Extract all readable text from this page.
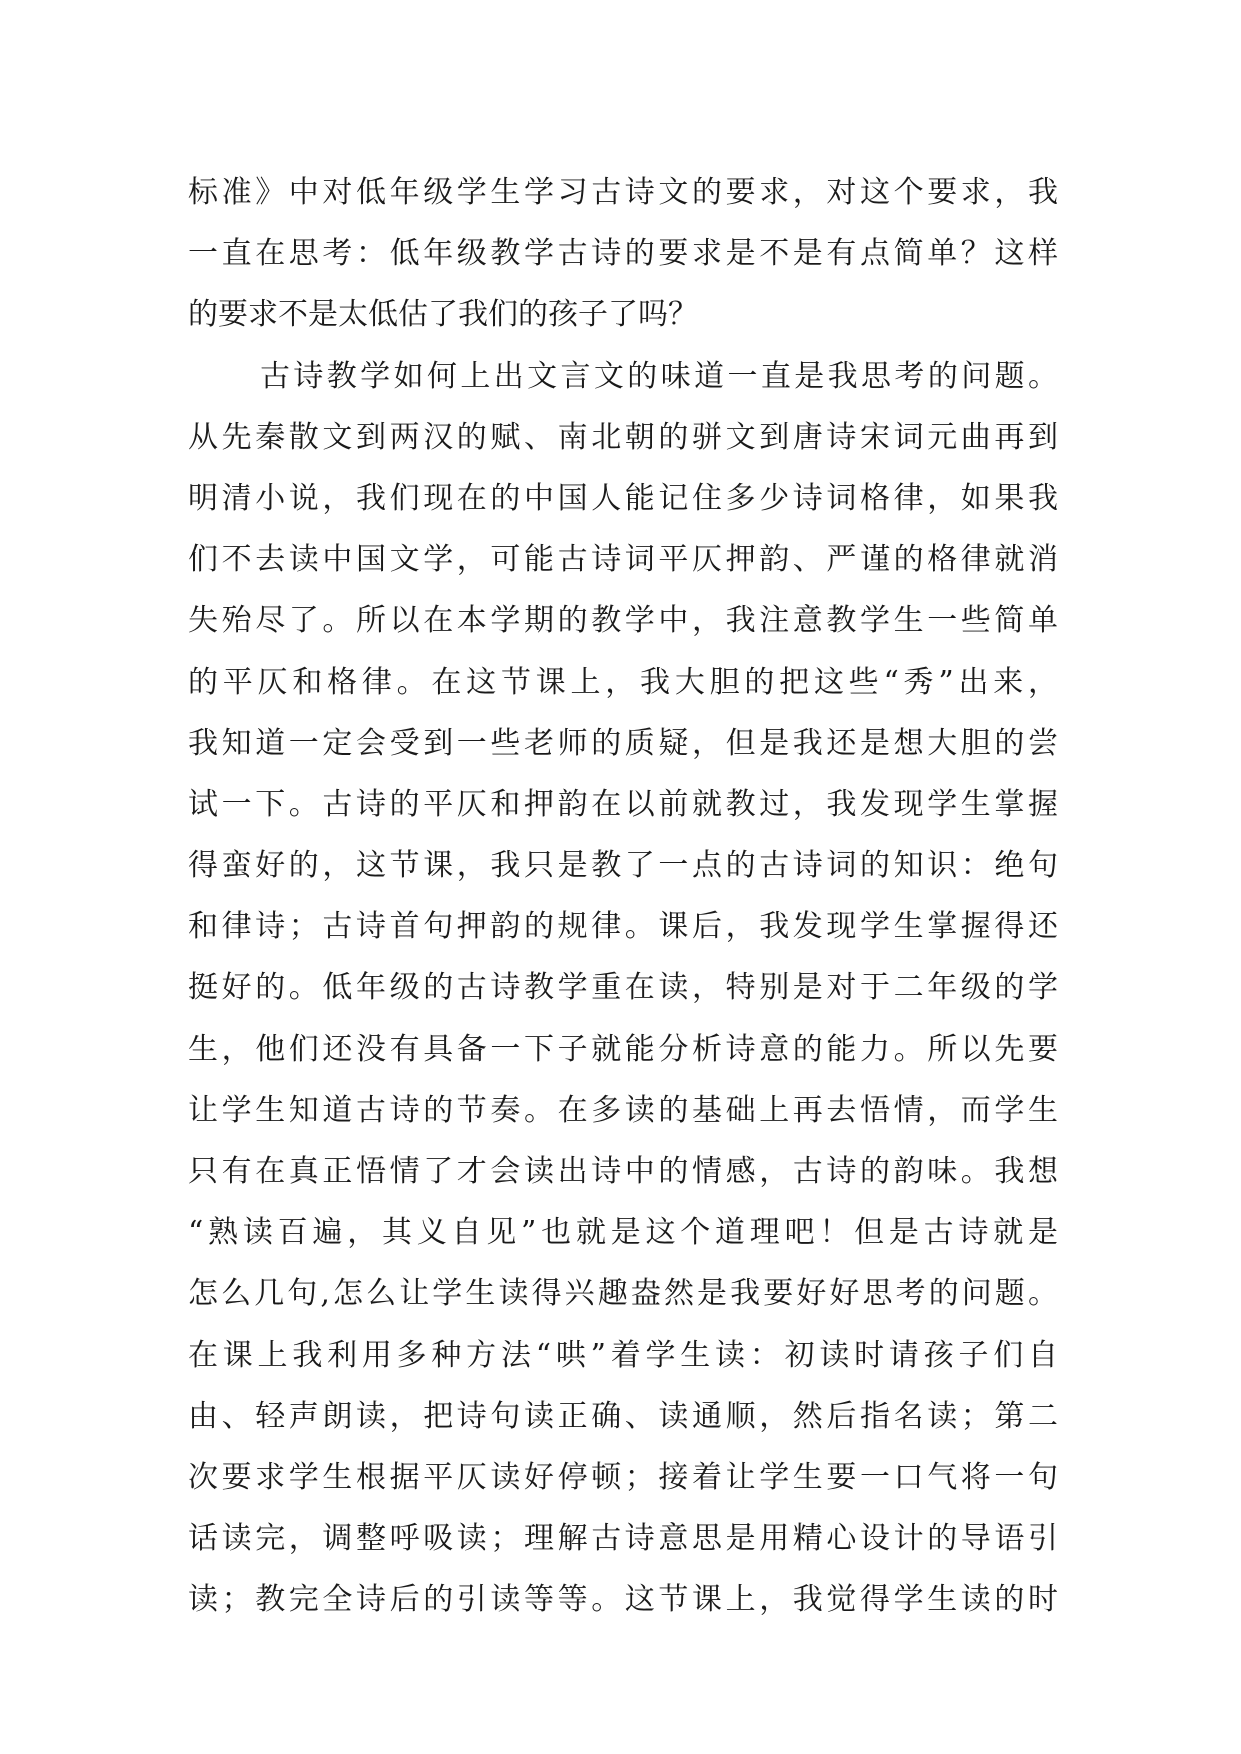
标准》中对低年级学生学习古诗文的要求，对这个要求，我
一直在思考：低年级教学古诗的要求是不是有点简单？这样
的要求不是太低估了我们的孩子了吗？
古诗教学如何上出文言文的味道一直是我思考的问题。
从先秦散文到两汉的赋、南北朝的骈文到唐诗宋词元曲再到
明清小说，我们现在的中国人能记住多少诗词格律，如果我
们不去读中国文学，可能古诗词平仄押韵、严谨的格律就消
失殆尽了。所以在本学期的教学中，我注意教学生一些简单
的平仄和格律。在这节课上，我大胆的把这些“秀”出来，
我知道一定会受到一些老师的质疑，但是我还是想大胆的尝
试一下。古诗的平仄和押韵在以前就教过，我发现学生掌握
得蛮好的，这节课，我只是教了一点的古诗词的知识：绝句
和律诗；古诗首句押韵的规律。课后，我发现学生掌握得还
挺好的。低年级的古诗教学重在读，特别是对于二年级的学
生，他们还没有具备一下子就能分析诗意的能力。所以先要
让学生知道古诗的节奏。在多读的基础上再去悟情，而学生
只有在真正悟情了才会读出诗中的情感，古诗的韵味。我想
“熟读百遍，其义自见”也就是这个道理吧！但是古诗就是
怎么几句,怎么让学生读得兴趣盎然是我要好好思考的问题。
在课上我利用多种方法“哄”着学生读：初读时请孩子们自
由、轻声朗读，把诗句读正确、读通顺，然后指名读；第二
次要求学生根据平仄读好停顿；接着让学生要一口气将一句
话读完，调整呼吸读；理解古诗意思是用精心设计的导语引
读；教完全诗后的引读等等。这节课上，我觉得学生读的时
